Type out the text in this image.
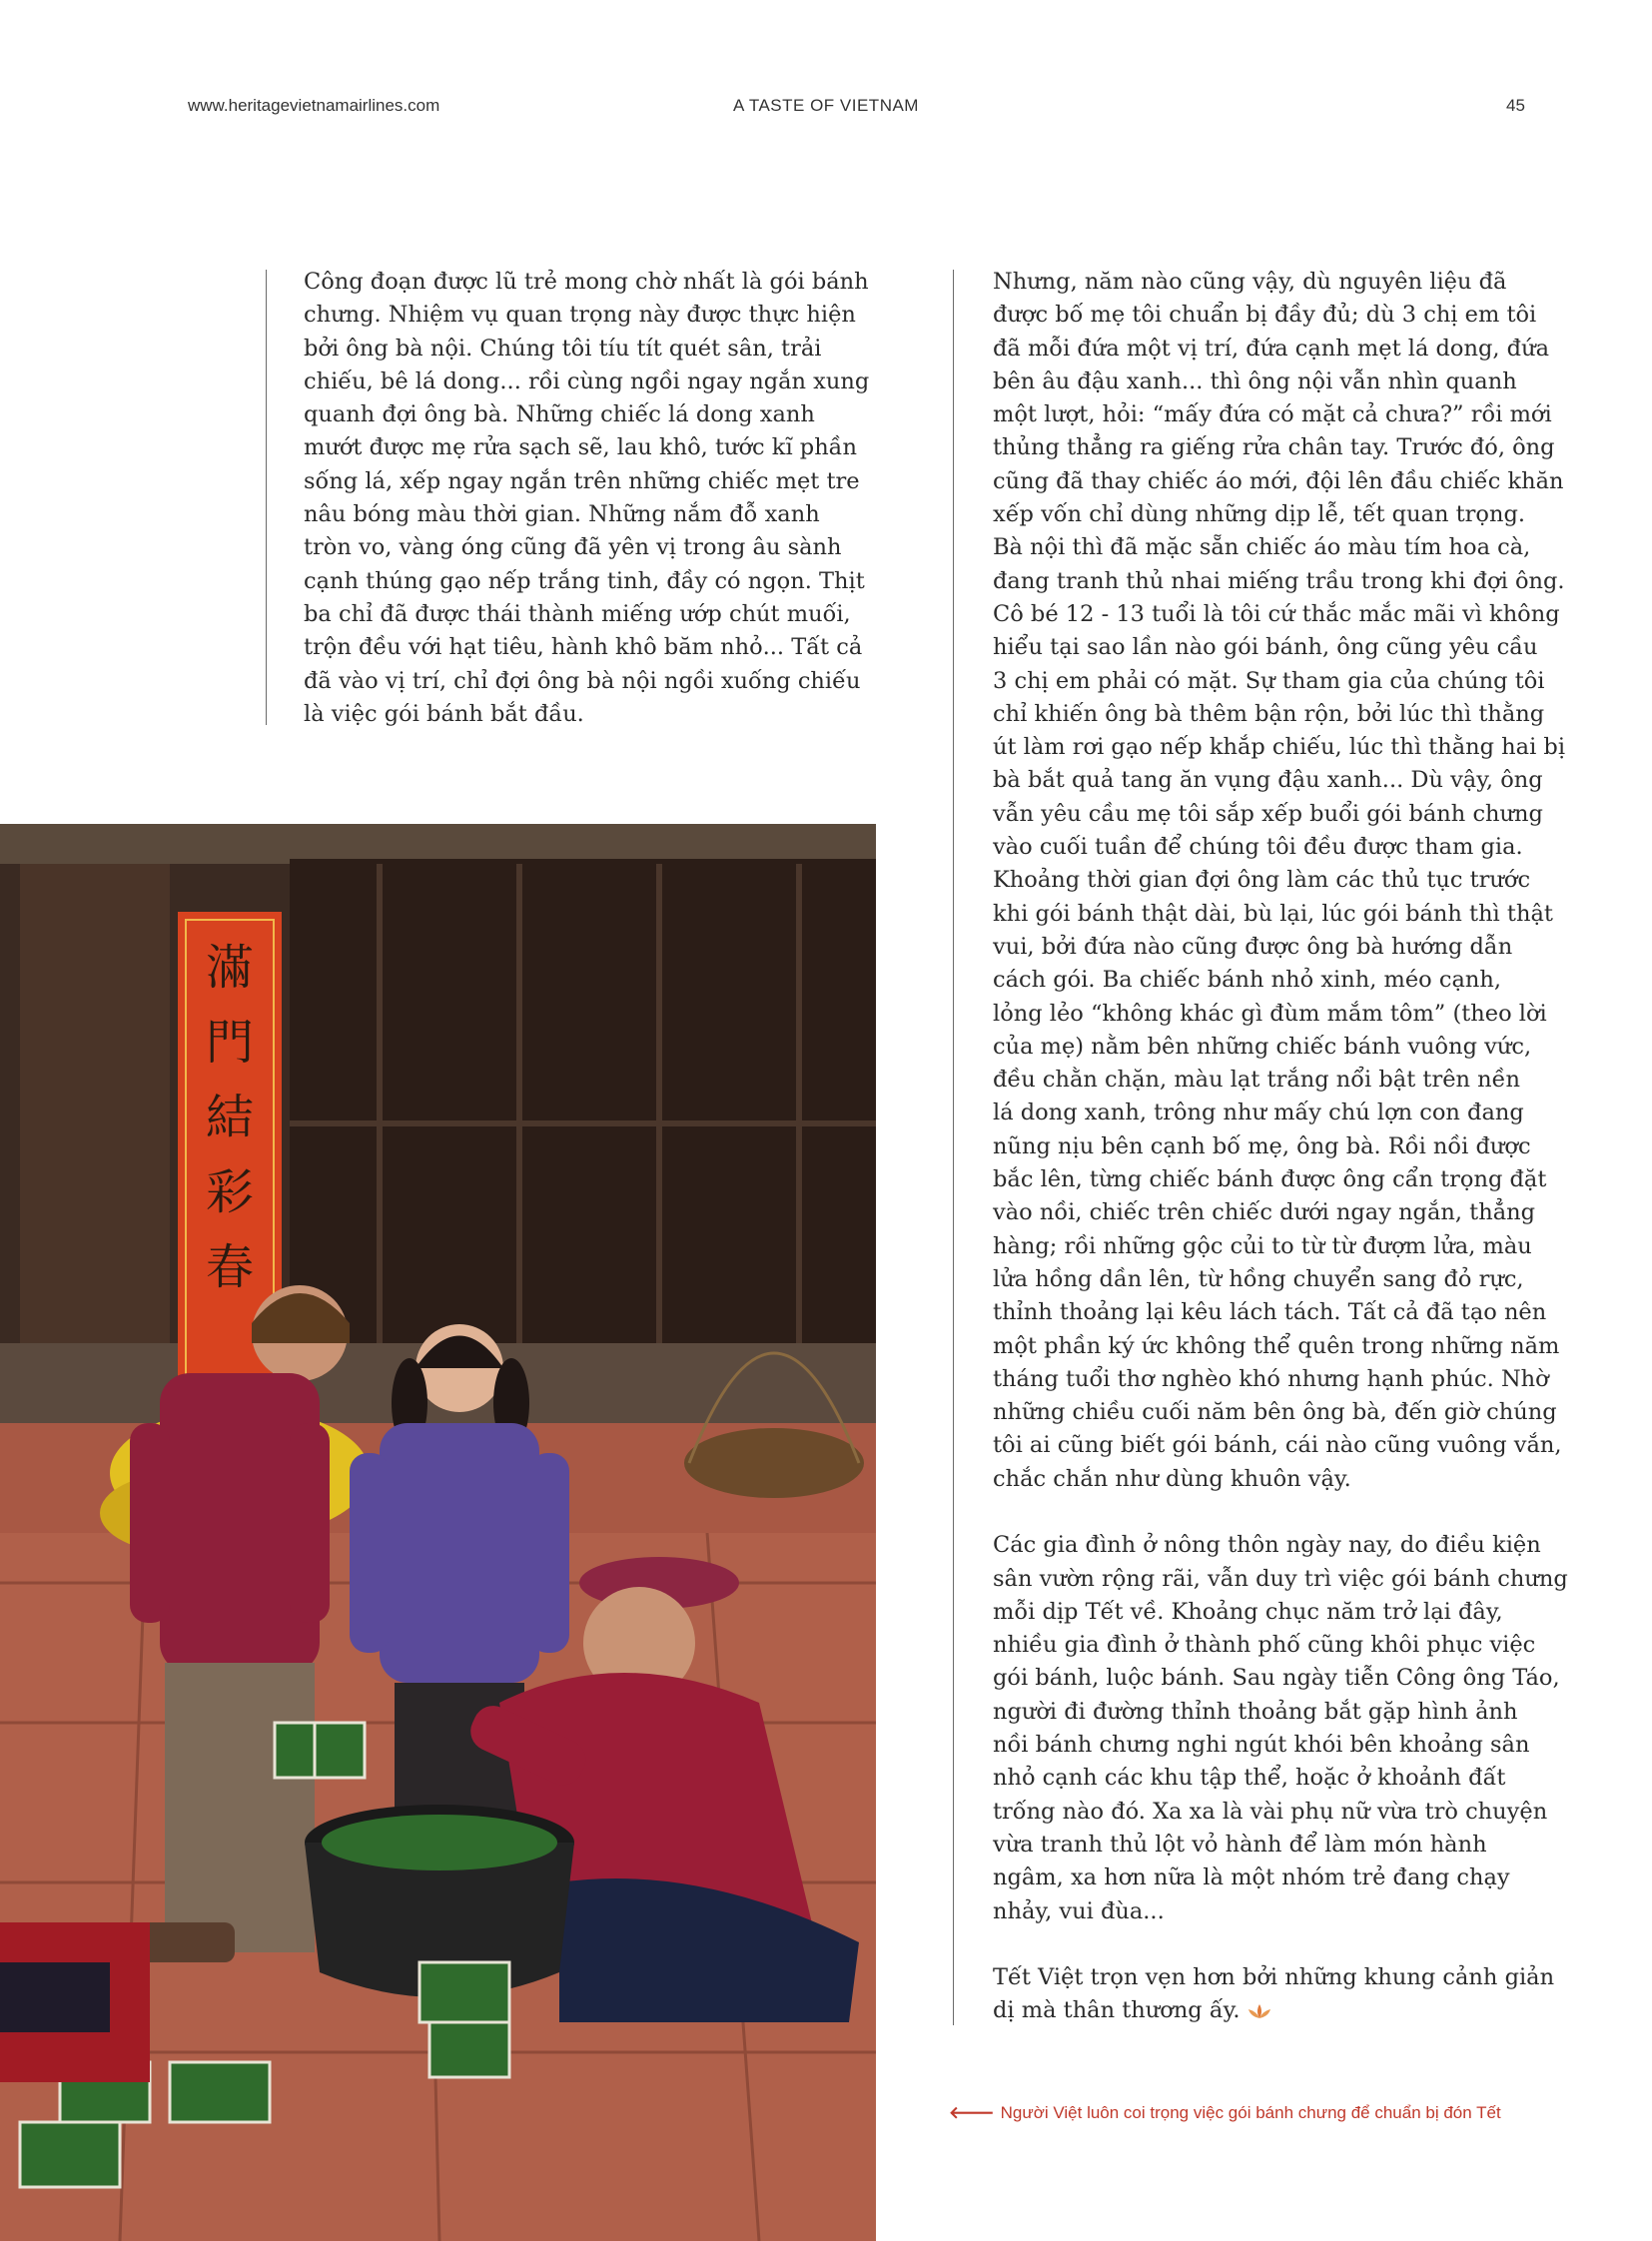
www.heritagevietnamairlines.com	A TASTE OF VIETNAM	45
Công đoạn được lũ trẻ mong chờ nhất là gói bánh
chưng. Nhiệm vụ quan trọng này được thực hiện
bởi ông bà nội. Chúng tôi tíu tít quét sân, trải
chiếu, bê lá dong... rồi cùng ngồi ngay ngắn xung
quanh đợi ông bà. Những chiếc lá dong xanh
mướt được mẹ rửa sạch sẽ, lau khô, tước kĩ phần
sống lá, xếp ngay ngắn trên những chiếc mẹt tre
nâu bóng màu thời gian. Những nắm đỗ xanh
tròn vo, vàng óng cũng đã yên vị trong âu sành
cạnh thúng gạo nếp trắng tinh, đầy có ngọn. Thịt
ba chỉ đã được thái thành miếng ướp chút muối,
trộn đều với hạt tiêu, hành khô băm nhỏ... Tất cả
đã vào vị trí, chỉ đợi ông bà nội ngồi xuống chiếu
là việc gói bánh bắt đầu.
Nhưng, năm nào cũng vậy, dù nguyên liệu đã
được bố mẹ tôi chuẩn bị đầy đủ; dù 3 chị em tôi
đã mỗi đứa một vị trí, đứa cạnh mẹt lá dong, đứa
bên âu đậu xanh... thì ông nội vẫn nhìn quanh
một lượt, hỏi: “mấy đứa có mặt cả chưa?” rồi mới
thủng thẳng ra giếng rửa chân tay. Trước đó, ông
cũng đã thay chiếc áo mới, đội lên đầu chiếc khăn
xếp vốn chỉ dùng những dịp lễ, tết quan trọng.
Bà nội thì đã mặc sẵn chiếc áo màu tím hoa cà,
đang tranh thủ nhai miếng trầu trong khi đợi ông.
Cô bé 12 - 13 tuổi là tôi cứ thắc mắc mãi vì không
hiểu tại sao lần nào gói bánh, ông cũng yêu cầu
3 chị em phải có mặt. Sự tham gia của chúng tôi
chỉ khiến ông bà thêm bận rộn, bởi lúc thì thằng
út làm rơi gạo nếp khắp chiếu, lúc thì thằng hai bị
bà bắt quả tang ăn vụng đậu xanh... Dù vậy, ông
vẫn yêu cầu mẹ tôi sắp xếp buổi gói bánh chưng
vào cuối tuần để chúng tôi đều được tham gia.
Khoảng thời gian đợi ông làm các thủ tục trước
khi gói bánh thật dài, bù lại, lúc gói bánh thì thật
vui, bởi đứa nào cũng được ông bà hướng dẫn
cách gói. Ba chiếc bánh nhỏ xinh, méo cạnh,
lỏng lẻo “không khác gì đùm mắm tôm” (theo lời
của mẹ) nằm bên những chiếc bánh vuông vức,
đều chằn chặn, màu lạt trắng nổi bật trên nền
lá dong xanh, trông như mấy chú lợn con đang
nũng nịu bên cạnh bố mẹ, ông bà. Rồi nồi được
bắc lên, từng chiếc bánh được ông cẩn trọng đặt
vào nồi, chiếc trên chiếc dưới ngay ngắn, thẳng
hàng; rồi những gộc củi to từ từ đượm lửa, màu
lửa hồng dần lên, từ hồng chuyển sang đỏ rực,
thỉnh thoảng lại kêu lách tách. Tất cả đã tạo nên
một phần ký ức không thể quên trong những năm
tháng tuổi thơ nghèo khó nhưng hạnh phúc. Nhờ
những chiều cuối năm bên ông bà, đến giờ chúng
tôi ai cũng biết gói bánh, cái nào cũng vuông vắn,
chắc chắn như dùng khuôn vậy.
Các gia đình ở nông thôn ngày nay, do điều kiện
sân vườn rộng rãi, vẫn duy trì việc gói bánh chưng
mỗi dịp Tết về. Khoảng chục năm trở lại đây,
nhiều gia đình ở thành phố cũng khôi phục việc
gói bánh, luộc bánh. Sau ngày tiễn Công ông Táo,
người đi đường thỉnh thoảng bắt gặp hình ảnh
nồi bánh chưng nghi ngút khói bên khoảng sân
nhỏ cạnh các khu tập thể, hoặc ở khoảnh đất
trống nào đó. Xa xa là vài phụ nữ vừa trò chuyện
vừa tranh thủ lột vỏ hành để làm món hành
ngâm, xa hơn nữa là một nhóm trẻ đang chạy
nhảy, vui đùa...
Tết Việt trọn vẹn hơn bởi những khung cảnh giản
dị mà thân thương ấy.
滿
門
結
彩
春
🡐 Người Việt luôn coi trọng việc gói bánh chưng để chuẩn bị đón Tết
